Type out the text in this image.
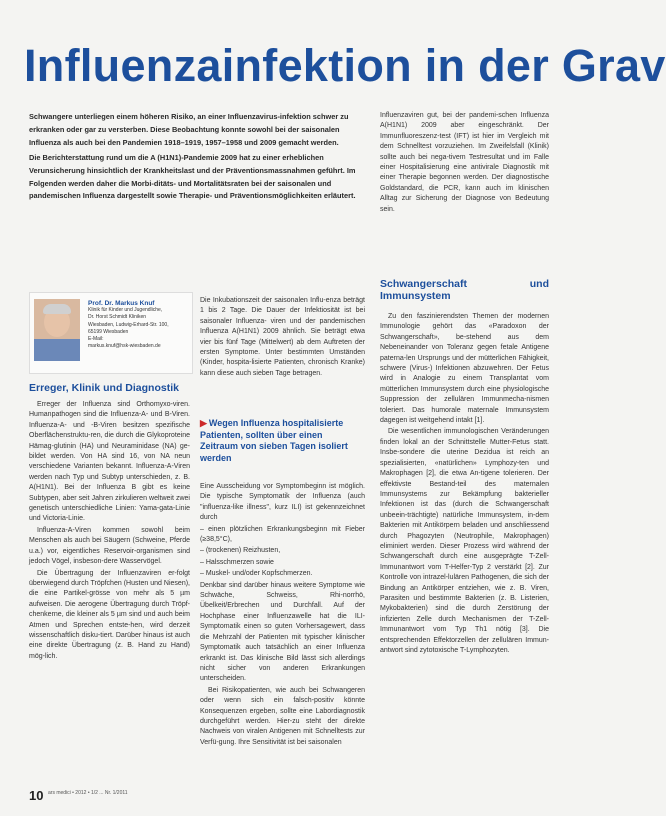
Influenzainfektion in der Grav

Schwangere unterliegen einem höheren Risiko, an einer Influenzavirus-infektion schwer zu erkranken oder gar zu versterben. Diese Beobachtung konnte sowohl bei der saisonalen Influenza als auch bei den Pandemien 1918–1919, 1957–1958 und 2009 gemacht werden.

Die Berichterstattung rund um die A (H1N1)-Pandemie 2009 hat zu einer erheblichen Verunsicherung hinsichtlich der Krankheitslast und der Präventionsmassnahmen geführt. Im Folgenden werden daher die Morbi-ditäts- und Mortalitätsraten bei der saisonalen und pandemischen Influenza dargestellt sowie Therapie- und Präventionsmöglichkeiten erläutert.

Prof. Dr. Markus Knuf
Klinik für Kinder und Jugendliche,
Dr. Horst Schmidt Kliniken
Wiesbaden, Ludwig-Erhard-Str. 100,
65199 Wiesbaden
E-Mail:
markus.knuf@hsk-wiesbaden.de
Erreger, Klinik und Diagnostik

Erreger der Influenza sind Orthomyxo-viren. Humanpathogen sind die Influenza-A- und B-Viren. Influenza-A- und -B-Viren besitzen spezifische Oberflächenstruktu-ren, die durch die Glykoproteine Hämag-glutinin (HA) und Neuraminidase (NA) ge-bildet werden. Von HA sind 16, von NA neun verschiedene Varianten bekannt. Influenza-A-Viren werden nach Typ und Subtyp unterschieden, z. B. A(H1N1). Bei der Influenza B gibt es keine Subtypen, aber seit Jahren zirkulieren weltweit zwei genetisch unterschiedliche Linien: Yama-gata-Linie und Victoria-Linie.

Influenza-A-Viren kommen sowohl beim Menschen als auch bei Säugern (Schweine, Pferde u.a.) vor, eigentliches Reservoir-organismen sind jedoch Vögel, insbeson-dere Wasservögel.

Die Übertragung der Influenzaviren er-folgt überwiegend durch Tröpfchen (Husten und Niesen), die eine Partikel-grösse von mehr als 5 µm aufweisen. Die aerogene Übertragung durch Tröpf-chenkerne, die kleiner als 5 µm sind und auch beim Atmen und Sprechen entste-hen, wird derzeit wissenschaftlich disku-tiert. Darüber hinaus ist auch eine direkte Übertragung (z. B. Hand zu Hand) mög-lich.

Die Inkubationszeit der saisonalen Influ-enza beträgt 1 bis 2 Tage. Die Dauer der Infektiosität ist bei saisonaler Influenza- viren und der pandemischen Influenza A(H1N1) 2009 ähnlich. Sie beträgt etwa vier bis fünf Tage (Mittelwert) ab dem Auftreten der ersten Symptome. Unter bestimmten Umständen (Kinder, hospita-lisierte Patienten, chronisch Kranke) kann diese auch sieben Tage betragen.

▶ Wegen Influenza hospitalisierte Patienten, sollten über einen Zeitraum von sieben Tagen isoliert werden

Eine Ausscheidung vor Symptombeginn ist möglich. Die typische Symptomatik der Influenza (auch "influenza-like illness", kurz ILI) ist gekennzeichnet durch

– einen plötzlichen Erkrankungsbeginn mit Fieber (≥38,5°C),

– (trockenen) Reizhusten,

– Halsschmerzen sowie

– Muskel- und/oder Kopfschmerzen.

Denkbar sind darüber hinaus weitere Symptome wie Schwäche, Schweiss, Rhi-norrhö, Übelkeit/Erbrechen und Durchfall. Auf der Hochphase einer Influenzawelle hat die ILI-Symptomatik einen so guten Vorhersagewert, dass die Mehrzahl der Patienten mit typischer klinischer Symptomatik auch tatsächlich an einer Influenza erkrankt ist. Das klinische Bild lässt sich allerdings nicht sicher von anderen Erkrankungen unterscheiden.

Bei Risikopatienten, wie auch bei Schwangeren oder wenn sich ein falsch-positiv könnte Konsequenzen ergeben, sollte eine Labordiagnostik durchgeführt werden. Hier-zu steht der direkte Nachweis von viralen Antigenen mit Schnelltests zur Verfü-gung. Ihre Sensitivität ist bei saisonalen

Influenzaviren gut, bei der pandemi-schen Influenza A(H1N1) 2009 aber eingeschränkt. Der Immunfluoreszenz-test (IFT) ist hier im Vergleich mit dem Schnelltest vorzuziehen. Im Zweifelsfall (Klinik) sollte auch bei nega-tivem Testresultat und im Falle einer Hospitalisierung eine antivirale Diagnostik mit einer Therapie begonnen werden. Der diagnostische Goldstandard, die PCR, kann auch im klinischen Alltag zur Sicherung der Diagnose von Bedeutung sein.

Schwangerschaft und Immunsystem

Zu den faszinierendsten Themen der modernen Immunologie gehört das «Paradoxon der Schwangerschaft», be-stehend aus dem Nebeneinander von Toleranz gegen fetale Antigene paterna-len Ursprungs und der mütterlichen Fähigkeit, schwere (Virus-) Infektionen abzuwehren. Der Fetus wird in Analogie zu einem Transplantat vom mütterlichen Immunsystem durch eine physiologische Suppression der zellulären Immunmecha-nismen toleriert. Das humorale maternale Immunsystem dagegen ist weitgehend intakt [1].

Die wesentlichen immunologischen Veränderungen finden lokal an der Schnittstelle Mutter-Fetus statt. Insbe-sondere die uterine Dezidua ist reich an spezialisierten, «natürlichen» Lymphozy-ten und Makrophagen [2], die etwa An-tigene tolerieren. Der effektivste Bestand-teil des maternalen Immunsystems zur Bekämpfung bakterieller Infektionen ist das (durch die Schwangerschaft unbeein-trächtigte) natürliche Immunsystem, in-dem Bakterien mit Antikörpern beladen und anschliessend durch Phagozyten (Neutrophile, Makrophagen) eliminiert werden. Dieser Prozess wird während der Schwangerschaft durch eine ausgeprägte T-Zell-Immunantwort vom T-Helfer-Typ 2 verstärkt [2]. Zur Kontrolle von intrazel-lulären Pathogenen, die sich der Bindung an Antikörper entziehen, wie z. B. Viren, Parasiten und bestimmte Bakterien (z. B. Listerien, Mykobakterien) sind die durch Zerstörung der infizierten Zelle durch Mechanismen der T-Zell-Immunantwort vom Typ Th1 nötig [3]. Die entsprechenden Effektorzellen der zellulären Immun-antwort sind zytotoxische T-Lymphozyten.

10 ars medici • 2012 • 1/2 ... Nr. 1/2011
